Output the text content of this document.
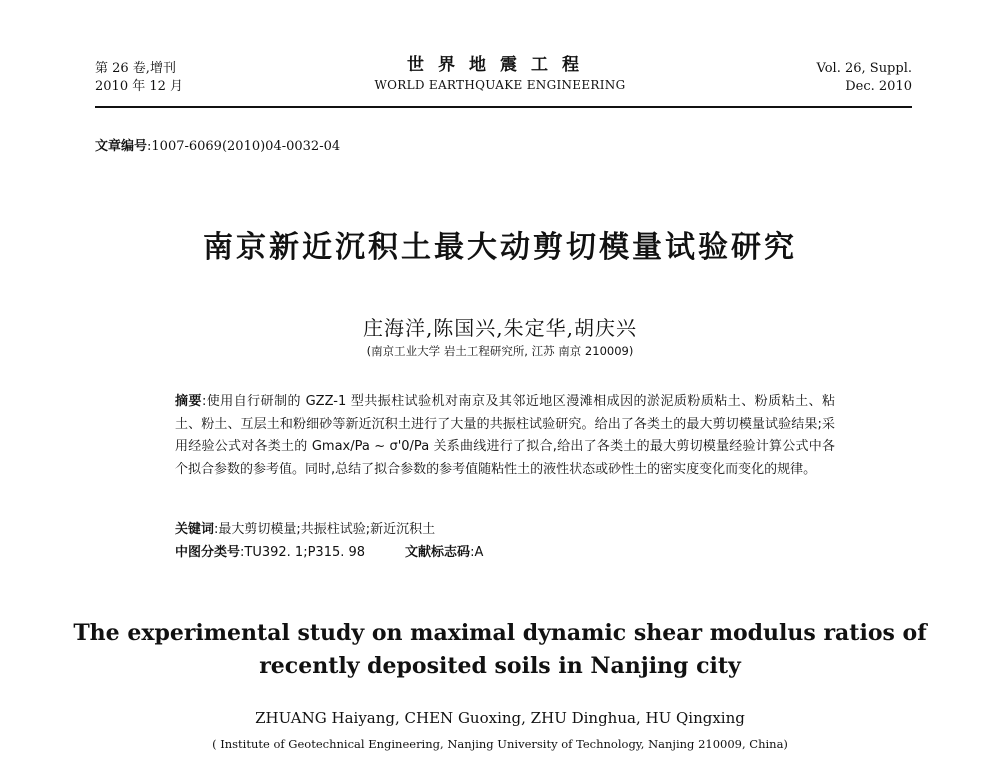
第 26 卷,增刊
2010 年 12 月
世界地震工程
WORLD EARTHQUAKE ENGINEERING
Vol. 26, Suppl.
Dec. 2010
文章编号:1007-6069(2010)04-0032-04
南京新近沉积土最大动剪切模量试验研究
庄海洋,陈国兴,朱定华,胡庆兴
(南京工业大学 岩土工程研究所, 江苏 南京 210009)
摘要:使用自行研制的 GZZ-1 型共振柱试验机对南京及其邻近地区漫滩相成因的淤泥质粉质粘土、粉质粘土、粘土、粉土、互层土和粉细砂等新近沉积土进行了大量的共振柱试验研究。给出了各类土的最大剪切模量试验结果;采用经验公式对各类土的 Gmax/Pa ~ σ'0/Pa 关系曲线进行了拟合,给出了各类土的最大剪切模量经验计算公式中各个拟合参数的参考值。同时,总结了拟合参数的参考值随粘性土的液性状态或砂性土的密实度变化而变化的规律。
关键词:最大剪切模量;共振柱试验;新近沉积土
中图分类号:TU392. 1;P315. 98	文献标志码:A
The experimental study on maximal dynamic shear modulus ratios of
recently deposited soils in Nanjing city
ZHUANG Haiyang, CHEN Guoxing, ZHU Dinghua, HU Qingxing
( Institute of Geotechnical Engineering, Nanjing University of Technology, Nanjing 210009, China)
